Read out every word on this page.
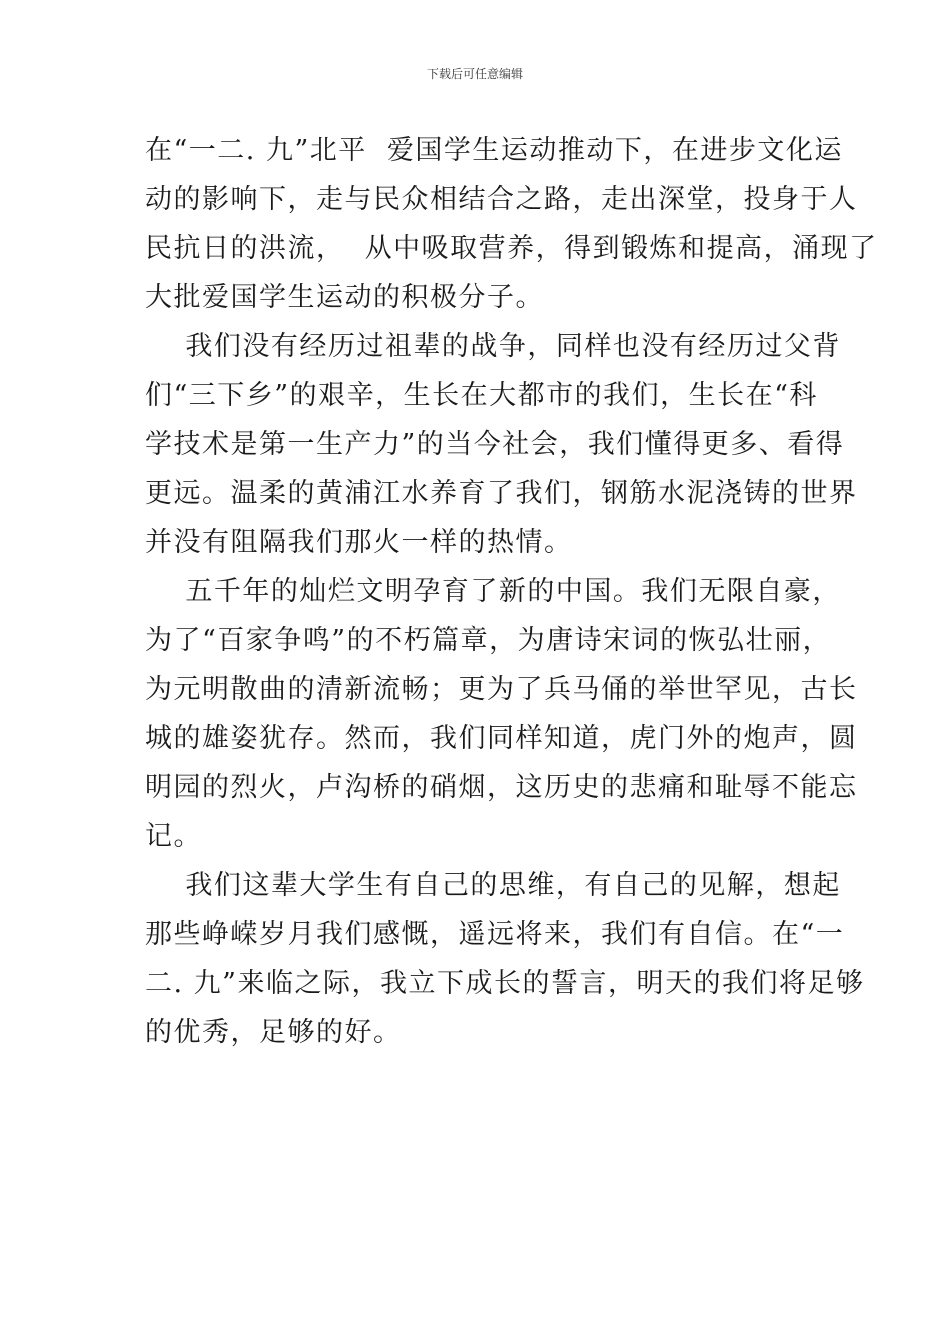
下载后可任意编辑
在“一二. 九”北平  爱国学生运动推动下，在进步文化运
动的影响下，走与民众相结合之路，走出深堂，投身于人
民抗日的洪流，  从中吸取营养，得到锻炼和提高，涌现了
大批爱国学生运动的积极分子。
我们没有经历过祖辈的战争，同样也没有经历过父背
们“三下乡”的艰辛，生长在大都市的我们，生长在“科
学技术是第一生产力”的当今社会，我们懂得更多、看得
更远。温柔的黄浦江水养育了我们，钢筋水泥浇铸的世界
并没有阻隔我们那火一样的热情。
五千年的灿烂文明孕育了新的中国。我们无限自豪，
为了“百家争鸣”的不朽篇章，为唐诗宋词的恢弘壮丽，
为元明散曲的清新流畅；更为了兵马俑的举世罕见，古长
城的雄姿犹存。然而，我们同样知道，虎门外的炮声，圆
明园的烈火，卢沟桥的硝烟，这历史的悲痛和耻辱不能忘
记。
我们这辈大学生有自己的思维，有自己的见解，想起
那些峥嵘岁月我们感慨，遥远将来，我们有自信。在“一
二. 九”来临之际，我立下成长的誓言，明天的我们将足够
的优秀，足够的好。
